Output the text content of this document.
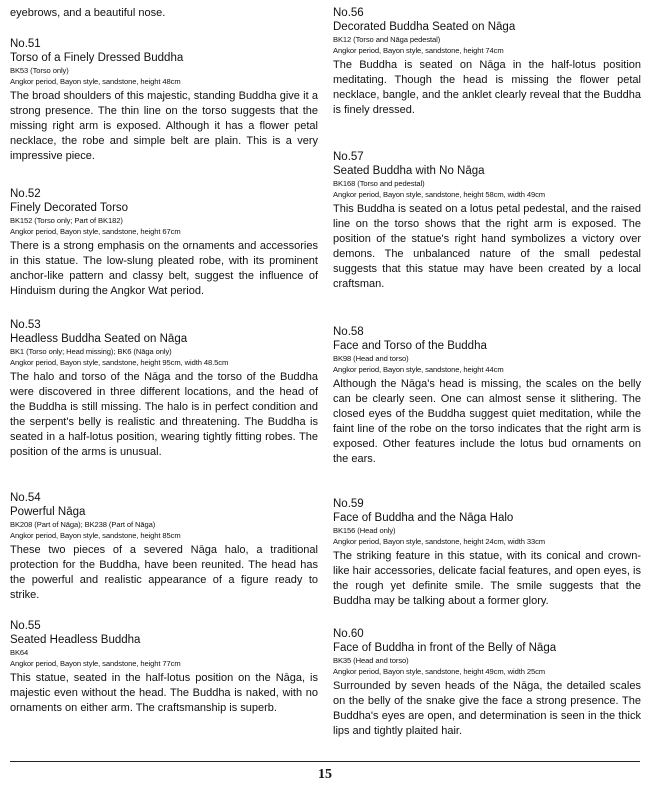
eyebrows, and a beautiful nose.
No.51
Torso of a Finely Dressed Buddha
BK53 (Torso only)
Angkor period, Bayon style, sandstone, height 48cm
The broad shoulders of this majestic, standing Buddha give it a strong presence. The thin line on the torso suggests that the missing right arm is exposed. Although it has a flower petal necklace, the robe and simple belt are plain. This is a very impressive piece.
No.52
Finely Decorated Torso
BK152 (Torso only; Part of BK182)
Angkor period, Bayon style, sandstone, height 67cm
There is a strong emphasis on the ornaments and accessories in this statue. The low-slung pleated robe, with its prominent anchor-like pattern and classy belt, suggest the influence of Hinduism during the Angkor Wat period.
No.53
Headless Buddha Seated on Nāga
BK1 (Torso only; Head missing); BK6 (Nāga only)
Angkor period, Bayon style, sandstone, height 95cm, width 48.5cm
The halo and torso of the Nāga and the torso of the Buddha were discovered in three different locations, and the head of the Buddha is still missing. The halo is in perfect condition and the serpent's belly is realistic and threatening. The Buddha is seated in a half-lotus position, wearing tightly fitting robes. The position of the arms is unusual.
No.54
Powerful Nāga
BK208 (Part of Nāga); BK238 (Part of Nāga)
Angkor period, Bayon style, sandstone, height 85cm
These two pieces of a severed Nāga halo, a traditional protection for the Buddha, have been reunited. The head has the powerful and realistic appearance of a figure ready to strike.
No.55
Seated Headless Buddha
BK64
Angkor period, Bayon style, sandstone, height 77cm
This statue, seated in the half-lotus position on the Nāga, is majestic even without the head. The Buddha is naked, with no ornaments on either arm. The craftsmanship is superb.
No.56
Decorated Buddha Seated on Nāga
BK12 (Torso and Nāga pedestal)
Angkor period, Bayon style, sandstone, height 74cm
The Buddha is seated on Nāga in the half-lotus position meditating. Though the head is missing the flower petal necklace, bangle, and the anklet clearly reveal that the Buddha is finely dressed.
No.57
Seated Buddha with No Nāga
BK168 (Torso and pedestal)
Angkor period, Bayon style, sandstone, height 58cm, width 49cm
This Buddha is seated on a lotus petal pedestal, and the raised line on the torso shows that the right arm is exposed. The position of the statue's right hand symbolizes a victory over demons. The unbalanced nature of the small pedestal suggests that this statue may have been created by a local craftsman.
No.58
Face and Torso of the Buddha
BK98 (Head and torso)
Angkor period, Bayon style, sandstone, height 44cm
Although the Nāga's head is missing, the scales on the belly can be clearly seen. One can almost sense it slithering. The closed eyes of the Buddha suggest quiet meditation, while the faint line of the robe on the torso indicates that the right arm is exposed. Other features include the lotus bud ornaments on the ears.
No.59
Face of Buddha and the Nāga Halo
BK156 (Head only)
Angkor period, Bayon style, sandstone, height 24cm, width 33cm
The striking feature in this statue, with its conical and crown-like hair accessories, delicate facial features, and open eyes, is the rough yet definite smile. The smile suggests that the Buddha may be talking about a former glory.
No.60
Face of Buddha in front of the Belly of Nāga
BK35 (Head and torso)
Angkor period, Bayon style, sandstone, height 49cm, width 25cm
Surrounded by seven heads of the Nāga, the detailed scales on the belly of the snake give the face a strong presence. The Buddha's eyes are open, and determination is seen in the thick lips and tightly plaited hair.
15
